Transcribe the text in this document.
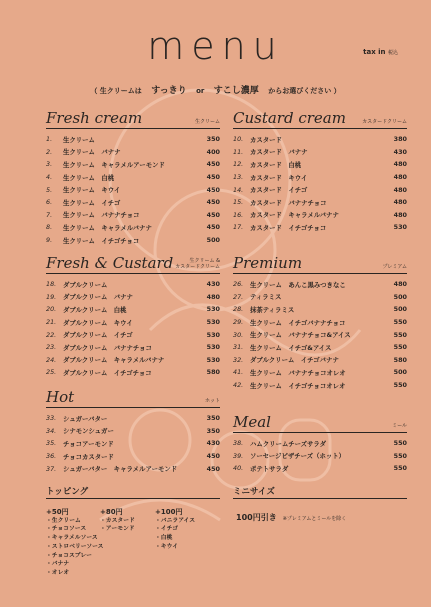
menu	tax in 税込
（ 生クリームは　 すっきり　 or　 すこし濃厚　 からお選びください ）
Fresh cream	生クリーム
1.	生クリーム	350
2.	生クリーム　バナナ	400
3.	生クリーム　キャラメルアーモンド	450
4.	生クリーム　白桃	450
5.	生クリーム　キウイ	450
6.	生クリーム　イチゴ	450
7.	生クリーム　バナナチョコ	450
8.	生クリーム　キャラメルバナナ	450
9.	生クリーム　イチゴチョコ	500
Custard cream	カスタードクリーム
10.	カスタード	380
11.	カスタード　バナナ	430
12.	カスタード　白桃	480
13.	カスタード　キウイ	480
14.	カスタード　イチゴ	480
15.	カスタード　バナナチョコ	480
16.	カスタード　キャラメルバナナ	480
17.	カスタード　イチゴチョコ	530
Fresh & Custard	生クリーム &
カスタードクリーム
18.	ダブルクリーム	430
19.	ダブルクリーム　バナナ	480
20.	ダブルクリーム　白桃	530
21.	ダブルクリーム　キウイ	530
22.	ダブルクリーム　イチゴ	530
23.	ダブルクリーム　バナナチョコ	530
24.	ダブルクリーム　キャラメルバナナ	530
25.	ダブルクリーム　イチゴチョコ	580
Premium	プレミアム
26.	生クリーム　あんこ黒みつきなこ	480
27.	ティラミス	500
28.	抹茶ティラミス	500
29.	生クリーム　イチゴバナナチョコ	550
30.	生クリーム　バナナチョコ&アイス	550
31.	生クリーム　イチゴ&アイス	550
32.	ダブルクリーム　イチゴバナナ	580
41.	生クリーム　バナナチョコオレオ	500
42.	生クリーム　イチゴチョコオレオ	550
Hot	ホット
33.	シュガーバター	350
34.	シナモンシュガー	350
35.	チョコアーモンド	430
36.	チョコカスタード	450
37.	シュガーバター　キャラメルアーモンド	450
Meal	ミール
38.	ハムクリームチーズサラダ	550
39.	ソーセージピザチーズ（ホット）	550
40.	ポテトサラダ	550
トッピング
+50円
・生クリーム
・チョコソース
・キャラメルソース
・ストロベリーソース
・チョコスプレー
・バナナ
・オレオ
+80円
・カスタード
・アーモンド
+100円
・バニラアイス
・イチゴ
・白桃
・キウイ
ミニサイズ
100円引き ※プレミアムとミールを除く
